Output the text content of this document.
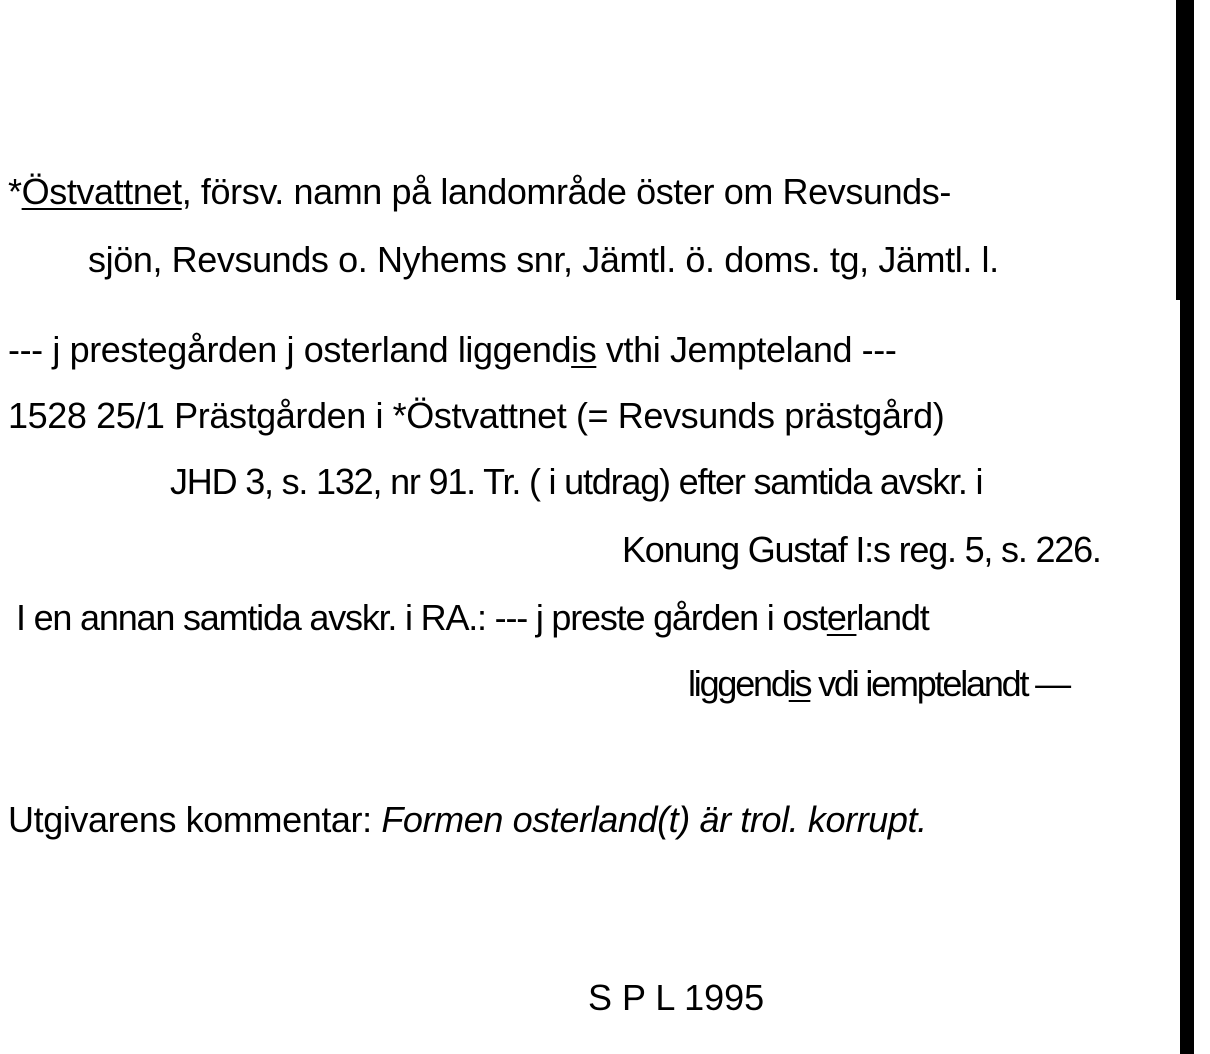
*Östvattnet, försv. namn på landområde öster om Revsunds-
sjön, Revsunds o. Nyhems snr, Jämtl. ö. doms. tg, Jämtl. l.
--- j prestegården j osterland liggendis vthi Jempteland ---
1528 25/1 Prästgården i *Östvattnet (= Revsunds prästgård)
JHD 3, s. 132, nr 91. Tr. ( i utdrag) efter samtida avskr. i
Konung Gustaf I:s reg. 5, s. 226.
I en annan samtida avskr. i RA.: --- j preste gården i osterlandt
liggendis vdi iemptelandt —
Utgivarens kommentar: Formen osterland(t) är trol. korrupt.
S P L 1995
